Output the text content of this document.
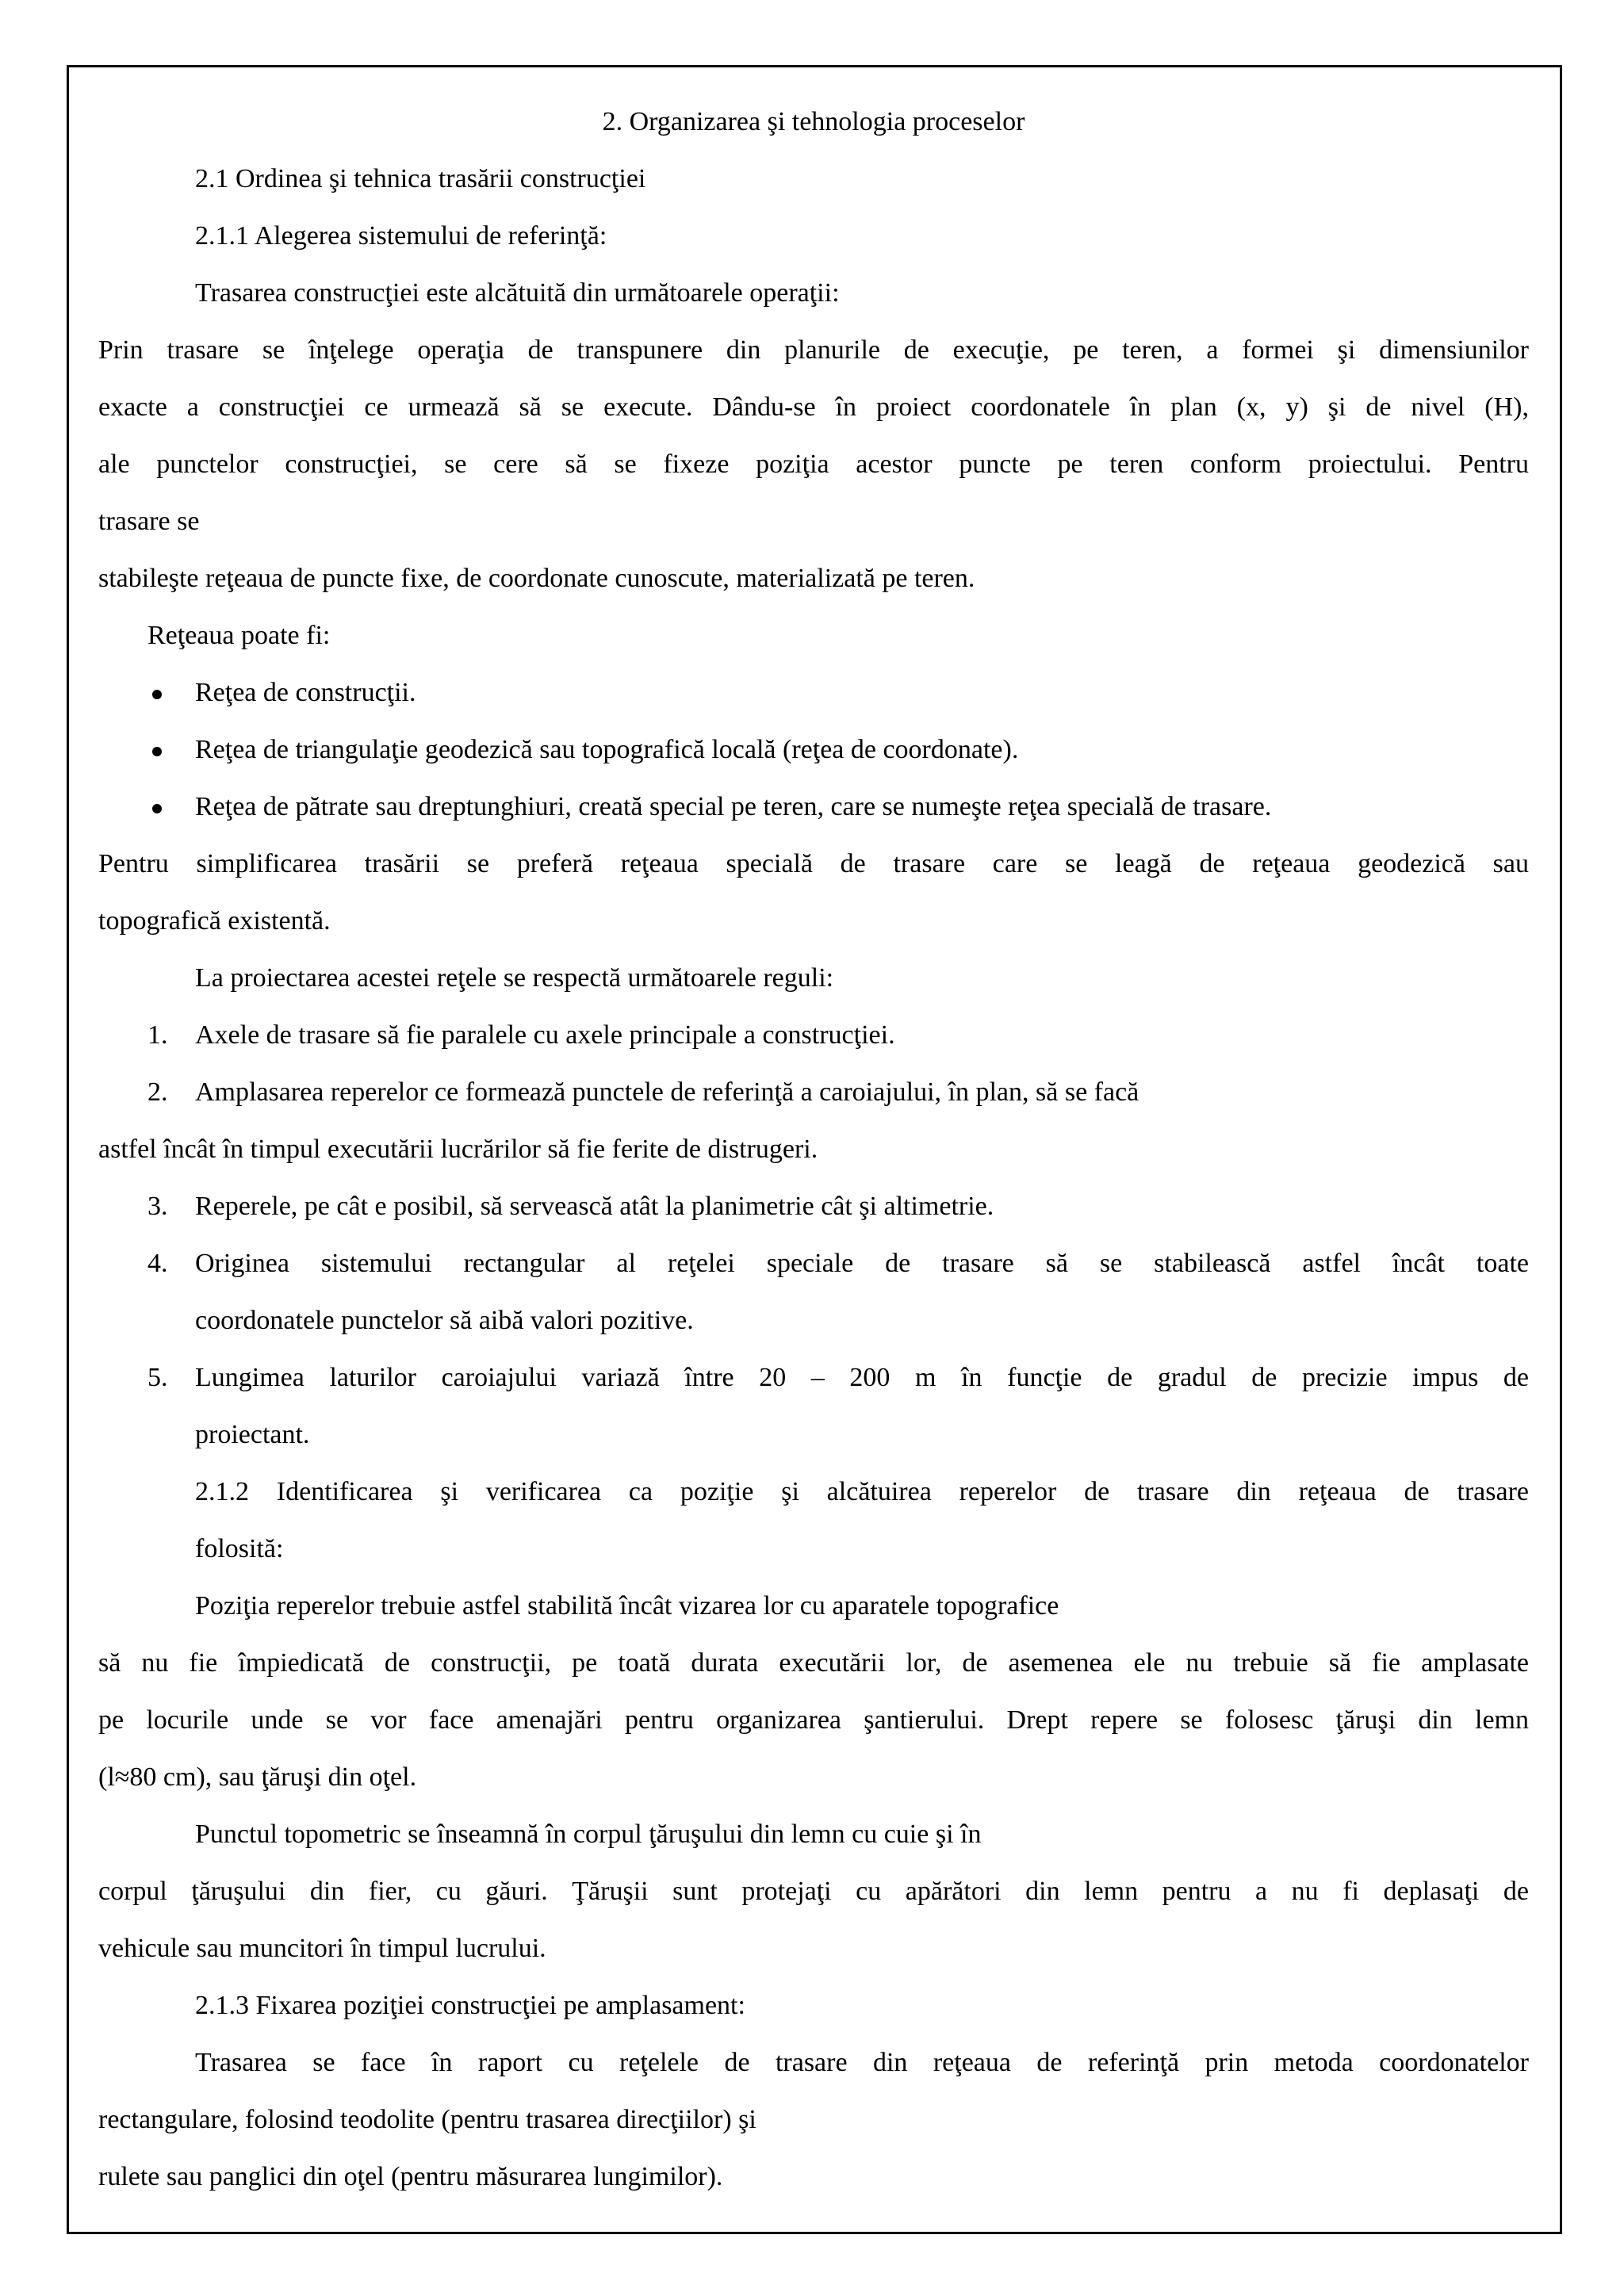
2. Organizarea şi tehnologia proceselor
2.1 Ordinea şi tehnica trasării construcţiei
2.1.1 Alegerea sistemului de referinţă:
Trasarea construcţiei este alcătuită din următoarele operaţii:
Prin trasare se înţelege operaţia de transpunere din planurile de execuţie, pe teren, a formei şi dimensiunilor
exacte a construcţiei ce urmează să se execute. Dându-se în proiect coordonatele în plan (x, y) şi de nivel (H),
ale punctelor construcţiei, se cere să se fixeze poziţia acestor puncte pe teren conform proiectului. Pentru
trasare se
stabileşte reţeaua de puncte fixe, de coordonate cunoscute, materializată pe teren.
Reţeaua poate fi:
Reţea de construcţii.
Reţea de triangulaţie geodezică sau topografică locală (reţea de coordonate).
Reţea de pătrate sau dreptunghiuri, creată special pe teren, care se numeşte reţea specială de trasare.
Pentru simplificarea trasării se preferă reţeaua specială de trasare care se leagă de reţeaua geodezică sau
topografică existentă.
La proiectarea acestei reţele se respectă următoarele reguli:
1. Axele de trasare să fie paralele cu axele principale a construcţiei.
2. Amplasarea reperelor ce formează punctele de referinţă a caroiajului, în plan, să se facă
astfel încât în timpul executării lucrărilor să fie ferite de distrugeri.
3. Reperele, pe cât e posibil, să servească atât la planimetrie cât şi altimetrie.
4. Originea sistemului rectangular al reţelei speciale de trasare să se stabilească astfel încât toate
coordonatele punctelor să aibă valori pozitive.
5. Lungimea laturilor caroiajului variază între 20 – 200 m în funcţie de gradul de precizie impus de
proiectant.
2.1.2 Identificarea şi verificarea ca poziţie şi alcătuirea reperelor de trasare din reţeaua de trasare
folosită:
Poziţia reperelor trebuie astfel stabilită încât vizarea lor cu aparatele topografice
să nu fie împiedicată de construcţii, pe toată durata executării lor, de asemenea ele nu trebuie să fie amplasate
pe locurile unde se vor face amenajări pentru organizarea şantierului. Drept repere se folosesc ţăruşi din lemn
(l≈80 cm), sau ţăruşi din oţel.
Punctul topometric se înseamnă în corpul ţăruşului din lemn cu cuie şi în
corpul ţăruşului din fier, cu găuri. Ţăruşii sunt protejaţi cu apărători din lemn pentru a nu fi deplasaţi de
vehicule sau muncitori în timpul lucrului.
2.1.3 Fixarea poziţiei construcţiei pe amplasament:
Trasarea se face în raport cu reţelele de trasare din reţeaua de referinţă prin metoda coordonatelor
rectangulare, folosind teodolite (pentru trasarea direcţiilor) şi
rulete sau panglici din oţel (pentru măsurarea lungimilor).
